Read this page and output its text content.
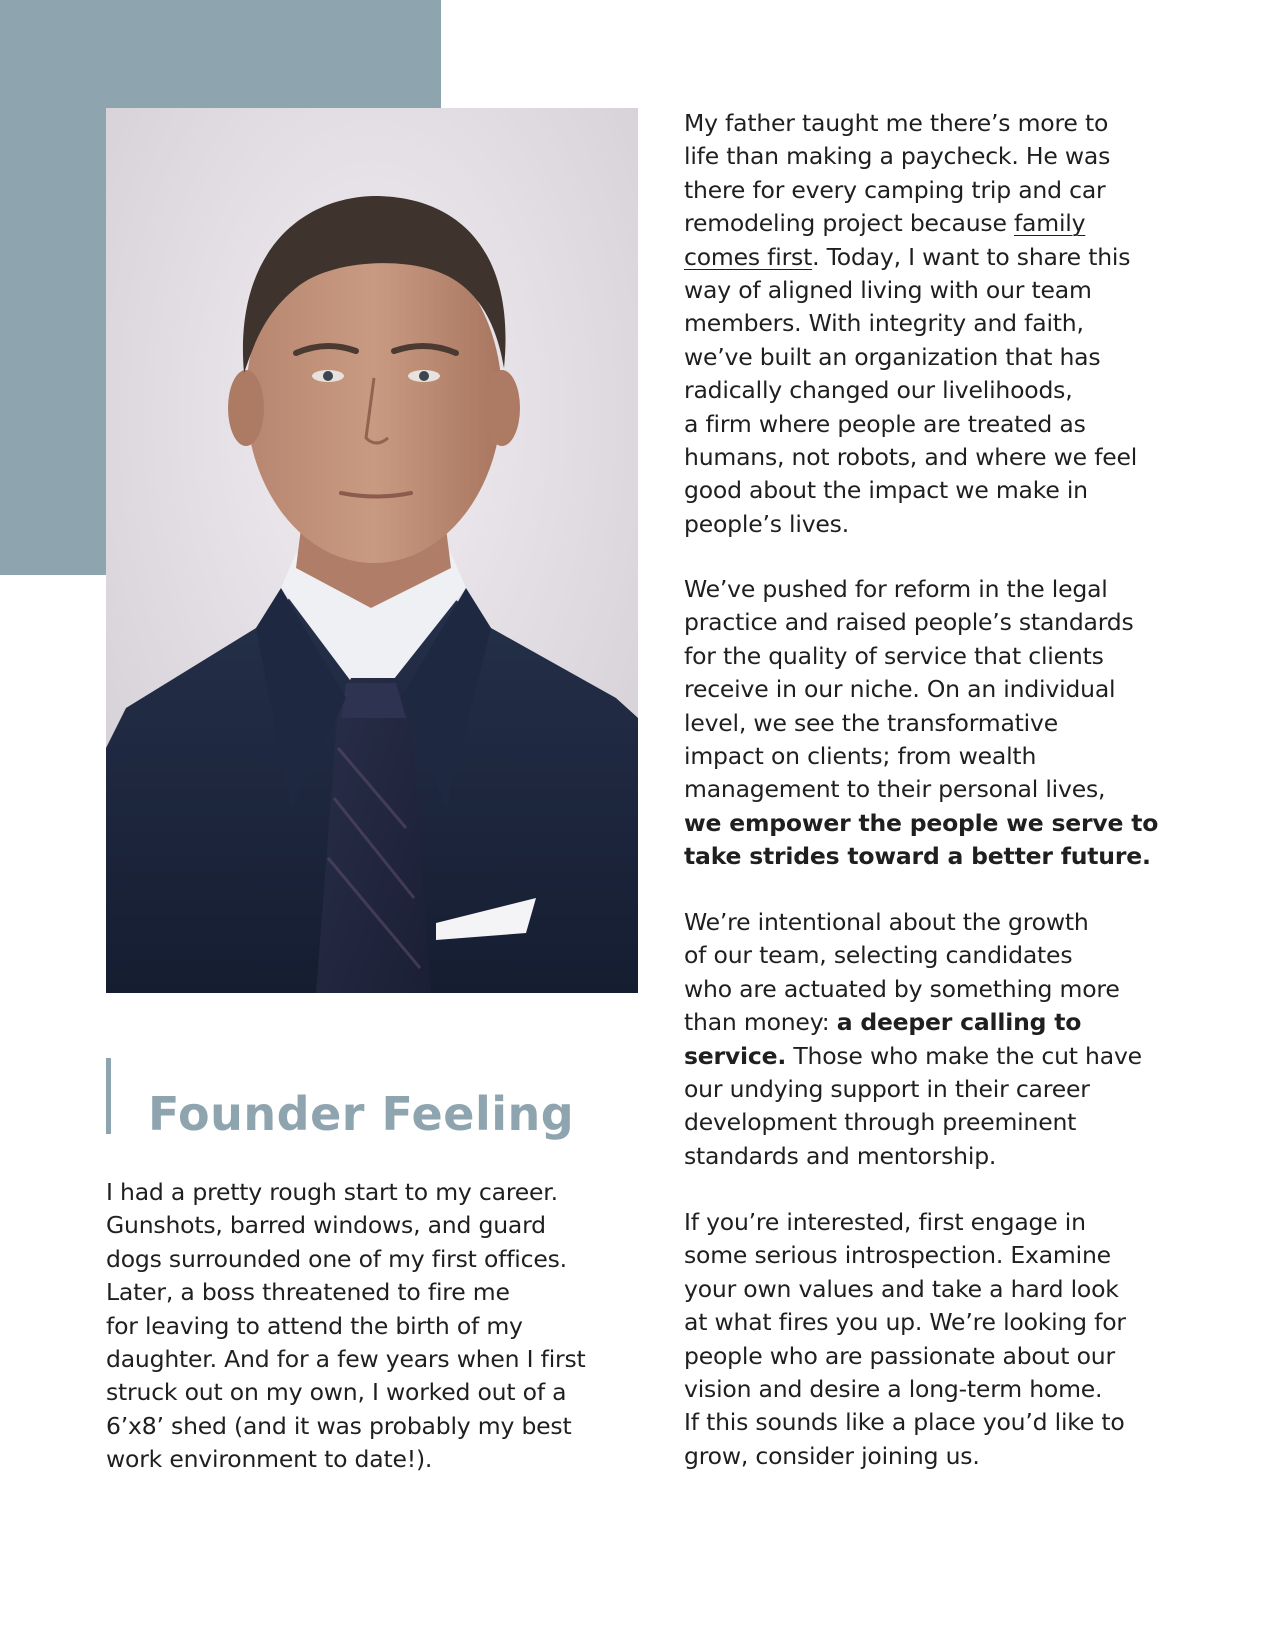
Founder Feeling

I had a pretty rough start to my career.
Gunshots, barred windows, and guard
dogs surrounded one of my first offices.
Later, a boss threatened to fire me
for leaving to attend the birth of my
daughter. And for a few years when I first
struck out on my own, I worked out of a
6’x8’ shed (and it was probably my best
work environment to date!).

My father taught me there’s more to
life than making a paycheck. He was
there for every camping trip and car
remodeling project because family
comes first. Today, I want to share this
way of aligned living with our team
members. With integrity and faith,
we’ve built an organization that has
radically changed our livelihoods,
a firm where people are treated as
humans, not robots, and where we feel
good about the impact we make in
people’s lives.

We’ve pushed for reform in the legal
practice and raised people’s standards
for the quality of service that clients
receive in our niche. On an individual
level, we see the transformative
impact on clients; from wealth
management to their personal lives,
we empower the people we serve to
take strides toward a better future.

We’re intentional about the growth
of our team, selecting candidates
who are actuated by something more
than money: a deeper calling to
service. Those who make the cut have
our undying support in their career
development through preeminent
standards and mentorship.

If you’re interested, first engage in
some serious introspection. Examine
your own values and take a hard look
at what fires you up. We’re looking for
people who are passionate about our
vision and desire a long-term home.
If this sounds like a place you’d like to
grow, consider joining us.
